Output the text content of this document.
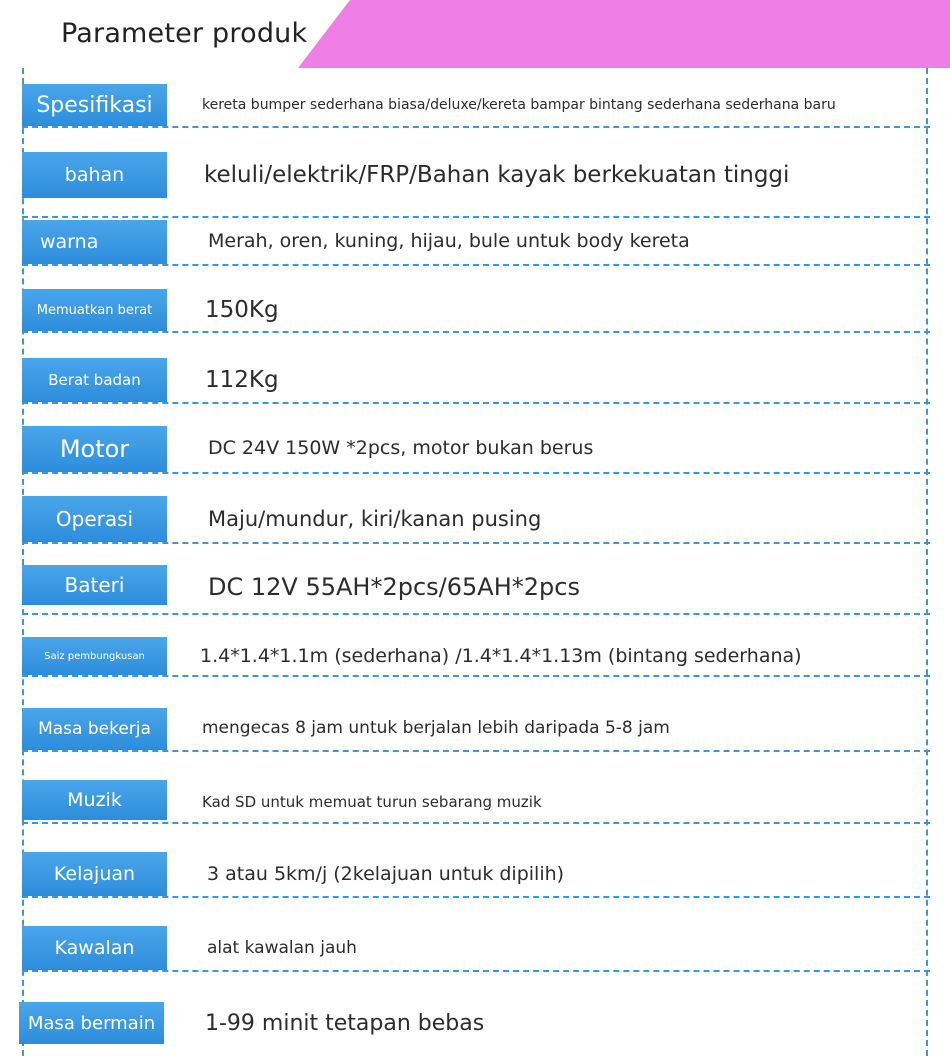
Parameter produk
Spesifikasi	kereta bumper sederhana biasa/deluxe/kereta bampar bintang sederhana sederhana baru
bahan	keluli/elektrik/FRP/Bahan kayak berkekuatan tinggi
warna	Merah, oren, kuning, hijau, bule untuk body kereta
Memuatkan berat	150Kg
Berat badan	112Kg
Motor	DC 24V 150W *2pcs, motor bukan berus
Operasi	Maju/mundur, kiri/kanan pusing
Bateri	DC 12V 55AH*2pcs/65AH*2pcs
Saiz pembungkusan	1.4*1.4*1.1m (sederhana) /1.4*1.4*1.13m (bintang sederhana)
Masa bekerja	mengecas 8 jam untuk berjalan lebih daripada 5-8 jam
Muzik	Kad SD untuk memuat turun sebarang muzik
Kelajuan	3 atau 5km/j (2kelajuan untuk dipilih)
Kawalan	alat kawalan jauh
Masa bermain	1-99 minit tetapan bebas
